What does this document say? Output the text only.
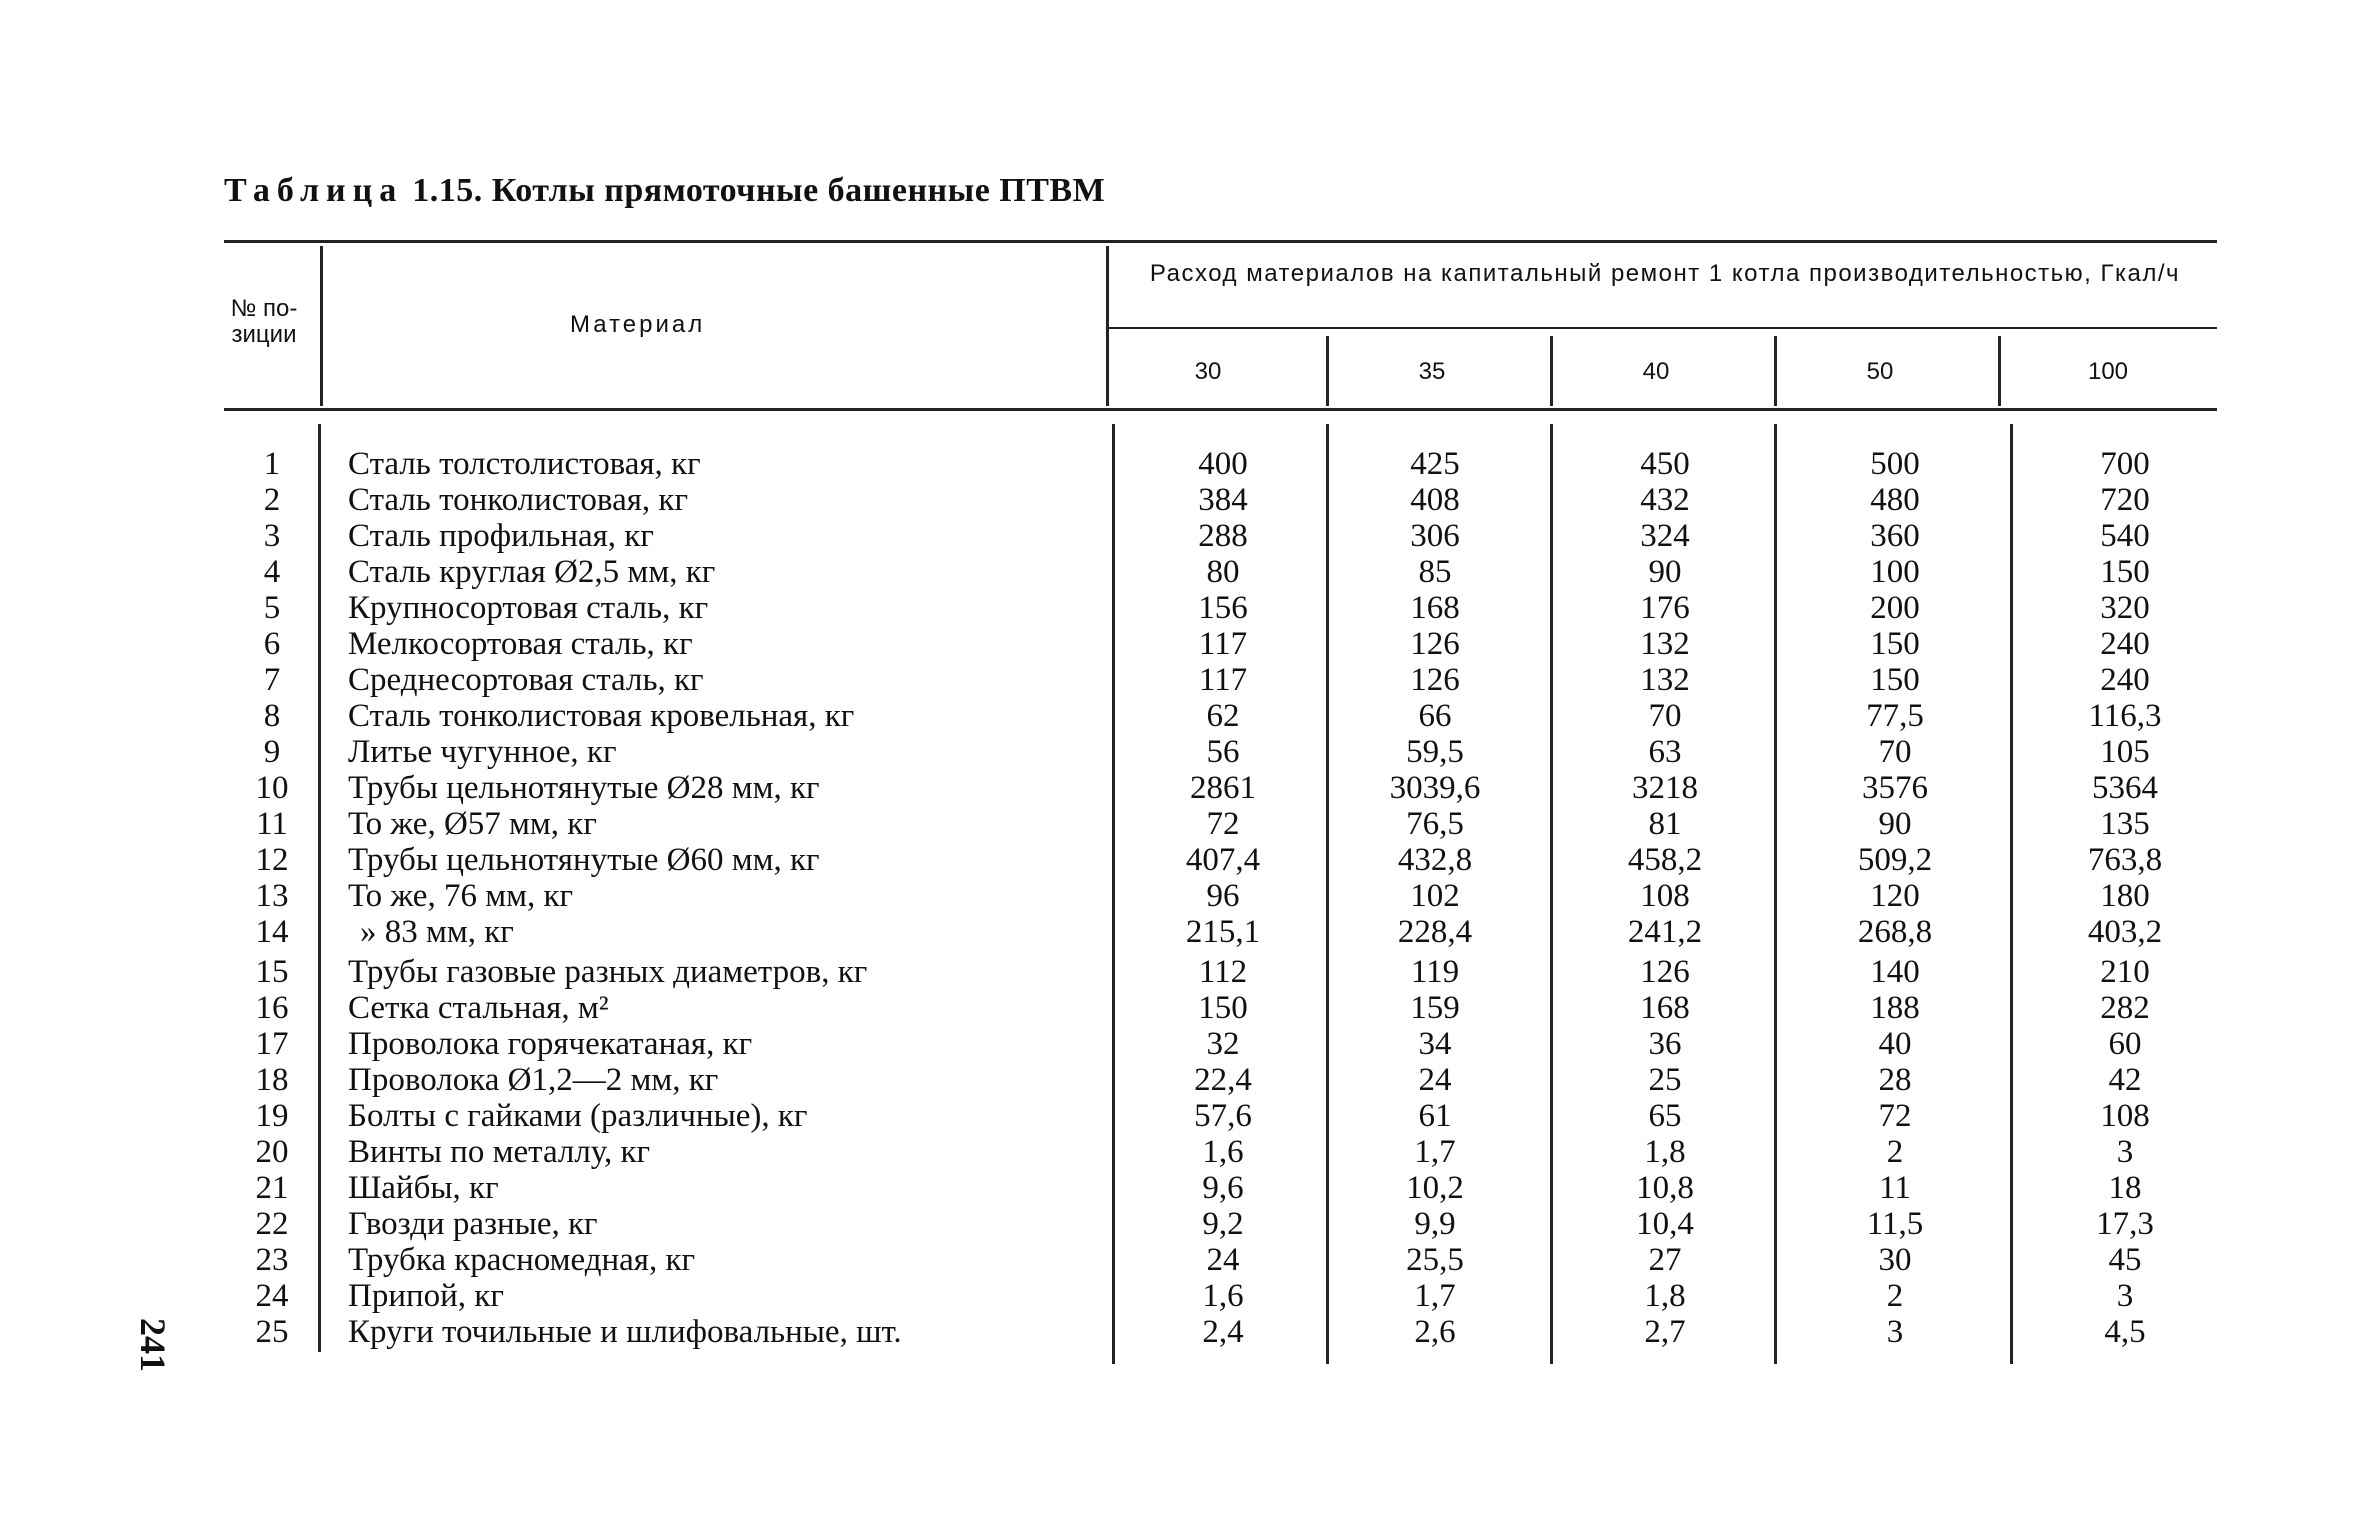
Таблица 1.15. Котлы прямоточные башенные ПТВМ
№ по-
зиции	Материал
Расход материалов на капитальный ремонт 1 котла производительностью, Гкал/ч
30	35	40	50	100
1	Сталь толстолистовая, кг	400	425	450	500	700
2	Сталь тонколистовая, кг	384	408	432	480	720
3	Сталь профильная, кг	288	306	324	360	540
4	Сталь круглая Ø2,5 мм, кг	80	85	90	100	150
5	Крупносортовая сталь, кг	156	168	176	200	320
6	Мелкосортовая сталь, кг	117	126	132	150	240
7	Среднесортовая сталь, кг	117	126	132	150	240
8	Сталь тонколистовая кровельная, кг	62	66	70	77,5	116,3
9	Литье чугунное, кг	56	59,5	63	70	105
10	Трубы цельнотянутые Ø28 мм, кг	2861	3039,6	3218	3576	5364
11	То же, Ø57 мм, кг	72	76,5	81	90	135
12	Трубы цельнотянутые Ø60 мм, кг	407,4	432,8	458,2	509,2	763,8
13	То же, 76 мм, кг	96	102	108	120	180
14	» 83 мм, кг	215,1	228,4	241,2	268,8	403,2
15	Трубы газовые разных диаметров, кг	112	119	126	140	210
16	Сетка стальная, м²	150	159	168	188	282
17	Проволока горячекатаная, кг	32	34	36	40	60
18	Проволока Ø1,2—2 мм, кг	22,4	24	25	28	42
19	Болты с гайками (различные), кг	57,6	61	65	72	108
20	Винты по металлу, кг	1,6	1,7	1,8	2	3
21	Шайбы, кг	9,6	10,2	10,8	11	18
22	Гвозди разные, кг	9,2	9,9	10,4	11,5	17,3
23	Трубка красномедная, кг	24	25,5	27	30	45
24	Припой, кг	1,6	1,7	1,8	2	3
25	Круги точильные и шлифовальные, шт.	2,4	2,6	2,7	3	4,5
241
